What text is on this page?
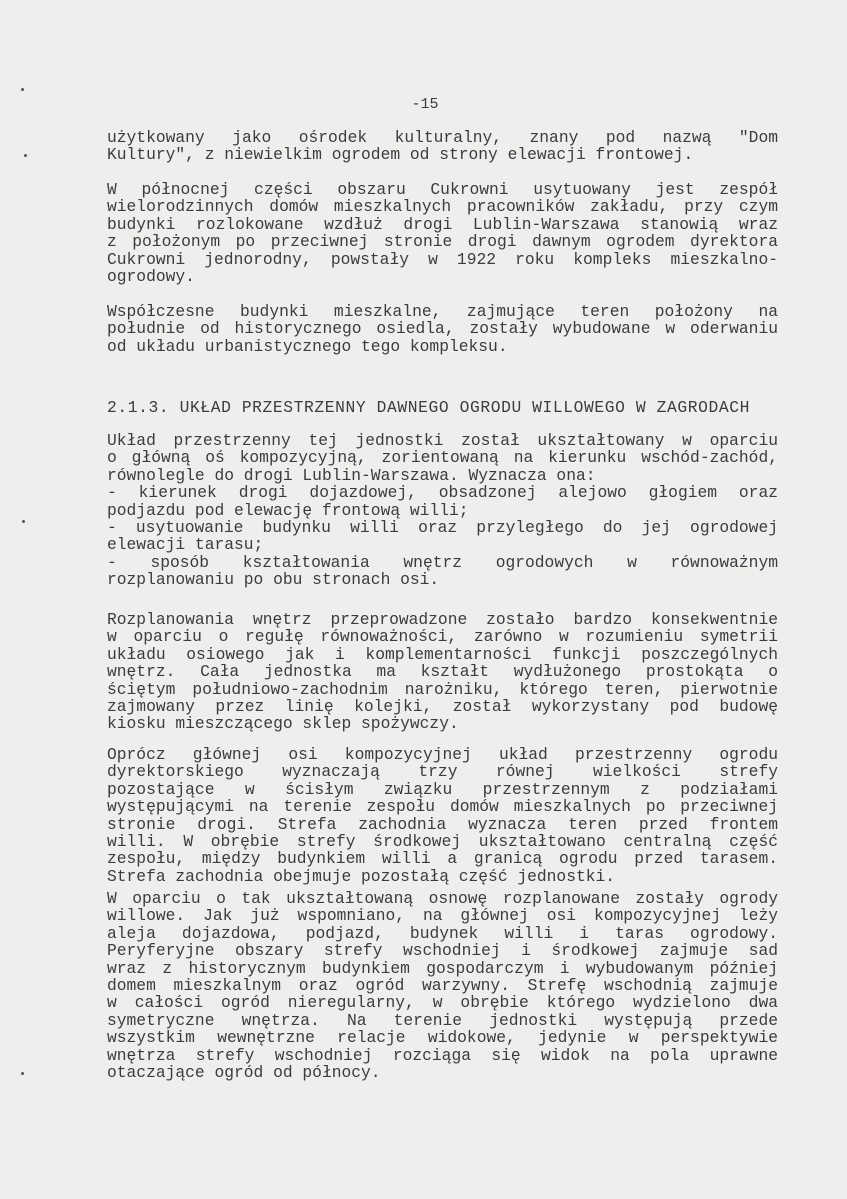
-15
użytkowany jako ośrodek kulturalny, znany pod nazwą "Dom
Kultury", z niewielkim ogrodem od strony elewacji frontowej.
W północnej części obszaru Cukrowni usytuowany jest zespół
wielorodzinnych domów mieszkalnych pracowników zakładu, przy czym
budynki rozlokowane wzdłuż drogi Lublin-Warszawa stanowią wraz
z położonym po przeciwnej stronie drogi dawnym ogrodem dyrektora
Cukrowni jednorodny, powstały w 1922 roku kompleks mieszkalno-
ogrodowy.
Współczesne budynki mieszkalne, zajmujące teren położony na
południe od historycznego osiedla, zostały wybudowane w oderwaniu
od układu urbanistycznego tego kompleksu.
2.1.3. UKŁAD PRZESTRZENNY DAWNEGO OGRODU WILLOWEGO W ZAGRODACH
Układ przestrzenny tej jednostki został ukształtowany w oparciu
o główną oś kompozycyjną, zorientowaną na kierunku wschód-zachód,
równolegle do drogi Lublin-Warszawa. Wyznacza ona:
- kierunek drogi dojazdowej, obsadzonej alejowo głogiem oraz
podjazdu pod elewację frontową willi;
- usytuowanie budynku willi oraz przyległego do jej ogrodowej
elewacji tarasu;
- sposób kształtowania wnętrz ogrodowych w równoważnym
rozplanowaniu po obu stronach osi.
Rozplanowania wnętrz przeprowadzone zostało bardzo konsekwentnie
w oparciu o regułę równoważności, zarówno w rozumieniu symetrii
układu osiowego jak i komplementarności funkcji poszczególnych
wnętrz. Cała jednostka ma kształt wydłużonego prostokąta o
ściętym południowo-zachodnim narożniku, którego teren, pierwotnie
zajmowany przez linię kolejki, został wykorzystany pod budowę
kiosku mieszczącego sklep spożywczy.
Oprócz głównej osi kompozycyjnej układ przestrzenny ogrodu
dyrektorskiego wyznaczają trzy równej wielkości strefy
pozostające w ścisłym związku przestrzennym z podziałami
występującymi na terenie zespołu domów mieszkalnych po przeciwnej
stronie drogi. Strefa zachodnia wyznacza teren przed frontem
willi. W obrębie strefy środkowej ukształtowano centralną część
zespołu, między budynkiem willi a granicą ogrodu przed tarasem.
Strefa zachodnia obejmuje pozostałą część jednostki.
W oparciu o tak ukształtowaną osnowę rozplanowane zostały ogrody
willowe. Jak już wspomniano, na głównej osi kompozycyjnej leży
aleja dojazdowa, podjazd, budynek willi i taras ogrodowy.
Peryferyjne obszary strefy wschodniej i środkowej zajmuje sad
wraz z historycznym budynkiem gospodarczym i wybudowanym później
domem mieszkalnym oraz ogród warzywny. Strefę wschodnią zajmuje
w całości ogród nieregularny, w obrębie którego wydzielono dwa
symetryczne wnętrza. Na terenie jednostki występują przede
wszystkim wewnętrzne relacje widokowe, jedynie w perspektywie
wnętrza strefy wschodniej rozciąga się widok na pola uprawne
otaczające ogród od północy.
